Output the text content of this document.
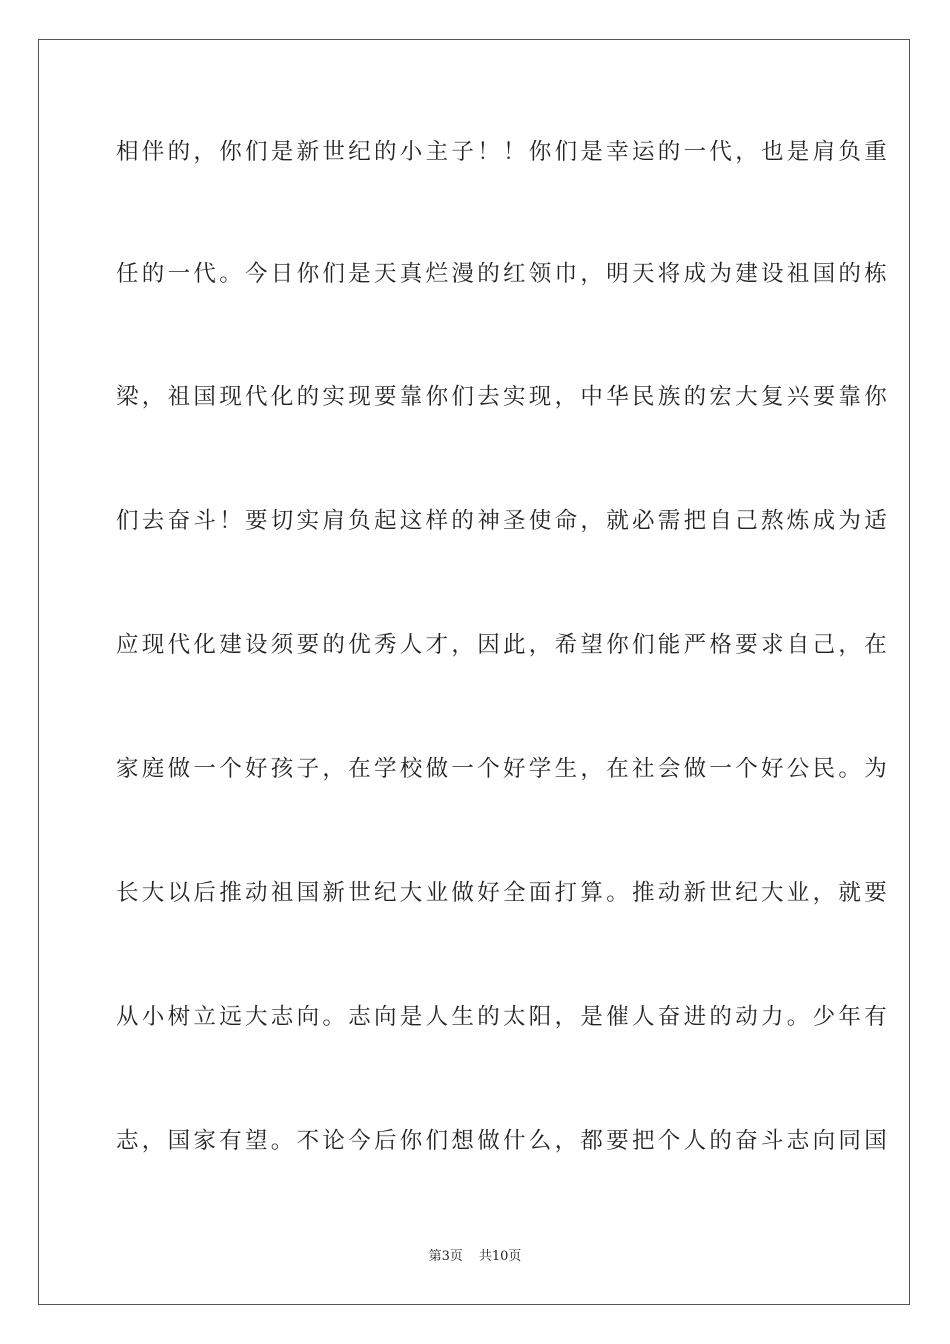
相伴的，你们是新世纪的小主子！！你们是幸运的一代，也是肩负重
任的一代。今日你们是天真烂漫的红领巾，明天将成为建设祖国的栋
梁，祖国现代化的实现要靠你们去实现，中华民族的宏大复兴要靠你
们去奋斗！要切实肩负起这样的神圣使命，就必需把自己熬炼成为适
应现代化建设须要的优秀人才，因此，希望你们能严格要求自己，在
家庭做一个好孩子，在学校做一个好学生，在社会做一个好公民。为
长大以后推动祖国新世纪大业做好全面打算。推动新世纪大业，就要
从小树立远大志向。志向是人生的太阳，是催人奋进的动力。少年有
志，国家有望。不论今后你们想做什么，都要把个人的奋斗志向同国
第3页 共10页
